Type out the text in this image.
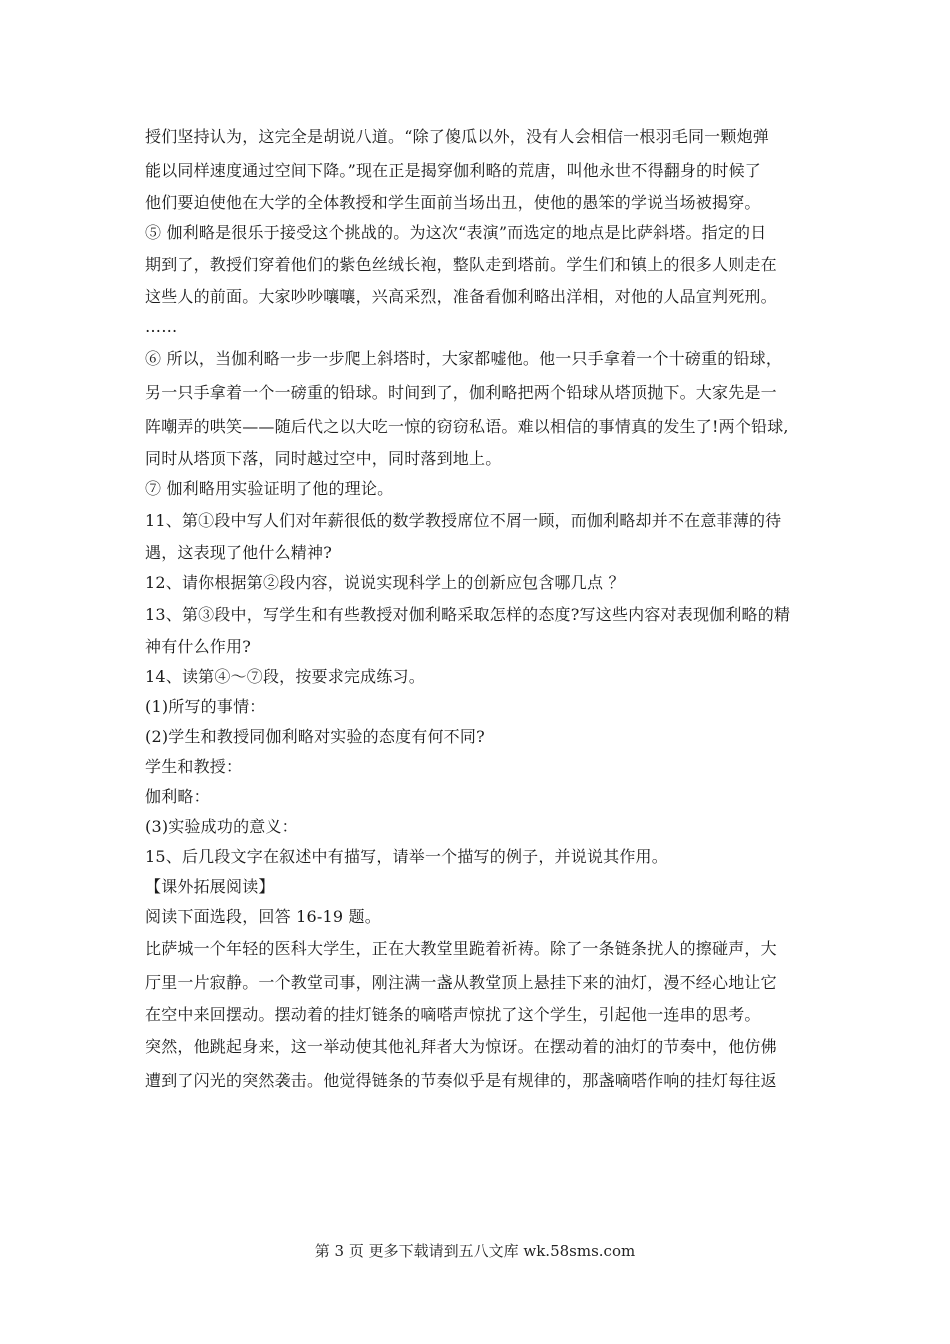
授们坚持认为，这完全是胡说八道。“除了傻瓜以外，没有人会相信一根羽毛同一颗炮弹
能以同样速度通过空间下降。”现在正是揭穿伽利略的荒唐，叫他永世不得翻身的时候了
他们要迫使他在大学的全体教授和学生面前当场出丑，使他的愚笨的学说当场被揭穿。
⑤ 伽利略是很乐于接受这个挑战的。为这次“表演”而选定的地点是比萨斜塔。指定的日
期到了，教授们穿着他们的紫色丝绒长袍，整队走到塔前。学生们和镇上的很多人则走在
这些人的前面。大家吵吵嚷嚷，兴高采烈，准备看伽利略出洋相，对他的人品宣判死刑。
……
⑥ 所以，当伽利略一步一步爬上斜塔时，大家都嘘他。他一只手拿着一个十磅重的铅球，
另一只手拿着一个一磅重的铅球。时间到了，伽利略把两个铅球从塔顶抛下。大家先是一
阵嘲弄的哄笑——随后代之以大吃一惊的窃窃私语。难以相信的事情真的发生了!两个铅球,
同时从塔顶下落，同时越过空中，同时落到地上。
⑦ 伽利略用实验证明了他的理论。
11、第①段中写人们对年薪很低的数学教授席位不屑一顾，而伽利略却并不在意菲薄的待
遇，这表现了他什么精神?
12、请你根据第②段内容，说说实现科学上的创新应包含哪几点 ？
13、第③段中，写学生和有些教授对伽利略采取怎样的态度?写这些内容对表现伽利略的精
神有什么作用?
14、读第④～⑦段，按要求完成练习。
(1)所写的事情：
(2)学生和教授同伽利略对实验的态度有何不同?
学生和教授：
伽利略：
(3)实验成功的意义：
15、后几段文字在叙述中有描写，请举一个描写的例子，并说说其作用。
【课外拓展阅读】
阅读下面选段，回答 16-19 题。
比萨城一个年轻的医科大学生，正在大教堂里跪着祈祷。除了一条链条扰人的擦碰声，大
厅里一片寂静。一个教堂司事，刚注满一盏从教堂顶上悬挂下来的油灯，漫不经心地让它
在空中来回摆动。摆动着的挂灯链条的嘀嗒声惊扰了这个学生，引起他一连串的思考。
突然，他跳起身来，这一举动使其他礼拜者大为惊讶。在摆动着的油灯的节奏中，他仿佛
遭到了闪光的突然袭击。他觉得链条的节奏似乎是有规律的，那盏嘀嗒作响的挂灯每往返
第 3 页 更多下载请到五八文库 wk.58sms.com
